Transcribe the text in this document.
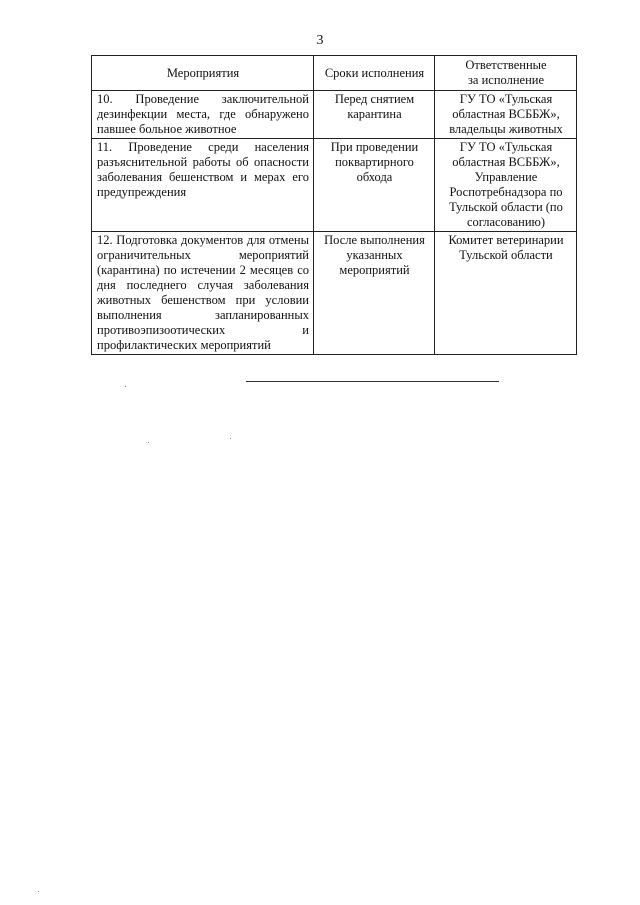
3
Мероприятия	Сроки исполнения	Ответственные за исполнение
10. Проведение заключительной дезинфекции места, где обнаружено павшее больное животное	Перед снятием карантина	ГУ ТО «Тульская областная ВСББЖ», владельцы животных
11. Проведение среди населения разъяснительной работы об опасности заболевания бешенством и мерах его предупреждения	При проведении поквартирного обхода	ГУ ТО «Тульская областная ВСББЖ», Управление Роспотребнадзора по Тульской области (по согласованию)
12. Подготовка документов для отмены ограничительных мероприятий (карантина) по истечении 2 месяцев со дня последнего случая заболевания животных бешенством при условии выполнения запланированных противоэпизоотических и профилактических мероприятий	После выполнения указанных мероприятий	Комитет ветеринарии Тульской области
